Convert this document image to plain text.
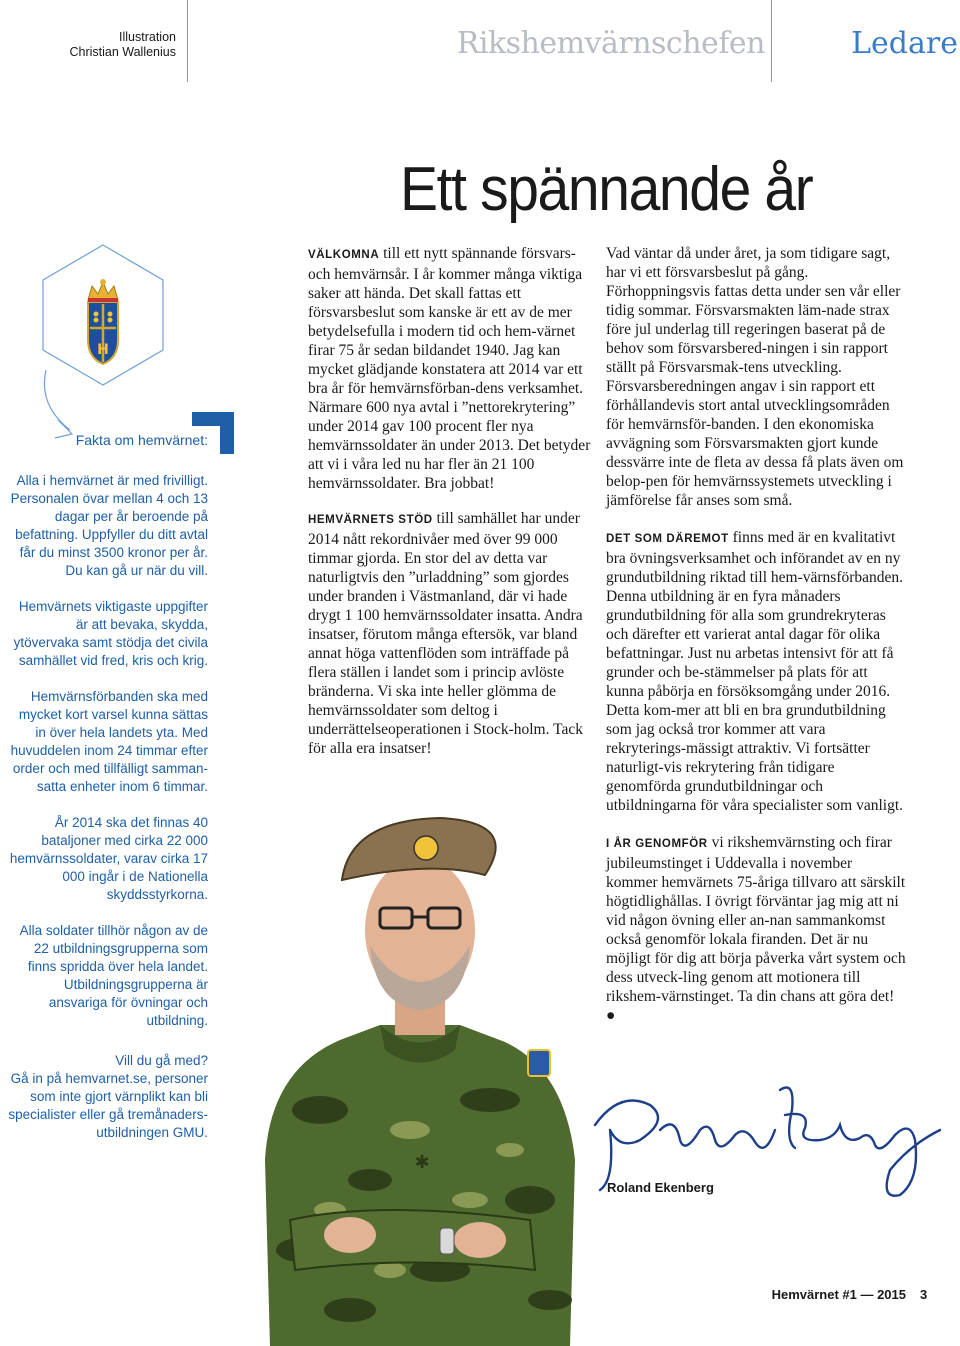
Illustration
Christian Wallenius	Rikshemvärnschefen	Ledare
Ett spännande år
H
Fakta om hemvärnet:

Alla i hemvärnet är med frivilligt. Personalen övar mellan 4 och 13 dagar per år beroende på befattning. Uppfyller du ditt avtal får du minst 3500 kronor per år. Du kan gå ur när du vill.

Hemvärnets viktigaste uppgifter är att bevaka, skydda, ytövervaka samt stödja det civila samhället vid fred, kris och krig.

Hemvärnsförbanden ska med mycket kort varsel kunna sättas in över hela landets yta. Med huvuddelen inom 24 timmar efter order och med tillfälligt samman-satta enheter inom 6 timmar.

År 2014 ska det finnas 40 bataljoner med cirka 22 000 hemvärnssoldater, varav cirka 17 000 ingår i de Nationella skyddsstyrkorna.

Alla soldater tillhör någon av de 22 utbildningsgrupperna som finns spridda över hela landet. Utbildningsgrupperna är ansvariga för övningar och utbildning.

Vill du gå med?
Gå in på hemvarnet.se, personer som inte gjort värnplikt kan bli specialister eller gå tremånaders-utbildningen GMU.

VÄLKOMNA till ett nytt spännande försvars- och hemvärnsår. I år kommer många viktiga saker att hända. Det skall fattas ett försvarsbeslut som kanske är ett av de mer betydelsefulla i modern tid och hem-värnet firar 75 år sedan bildandet 1940. Jag kan mycket glädjande konstatera att 2014 var ett bra år för hemvärnsförban-dens verksamhet. Närmare 600 nya avtal i ”nettorekrytering” under 2014 gav 100 procent fler nya hemvärnssoldater än under 2013. Det betyder att vi i våra led nu har fler än 21 100 hemvärnssoldater. Bra jobbat!

HEMVÄRNETS STÖD till samhället har under 2014 nått rekordnivåer med över 99 000 timmar gjorda. En stor del av detta var naturligtvis den ”urladdning” som gjordes under branden i Västmanland, där vi hade drygt 1 100 hemvärnssoldater insatta. Andra insatser, förutom många eftersök, var bland annat höga vattenflöden som inträffade på flera ställen i landet som i princip avlöste bränderna. Vi ska inte heller glömma de hemvärnssoldater som deltog i underrättelseoperationen i Stock-holm. Tack för alla era insatser!

Vad väntar då under året, ja som tidigare sagt, har vi ett försvarsbeslut på gång. Förhoppningsvis fattas detta under sen vår eller tidig sommar. Försvarsmakten läm-nade strax före jul underlag till regeringen baserat på de behov som försvarsbered-ningen i sin rapport ställt på Försvarsmak-tens utveckling. Försvarsberedningen angav i sin rapport ett förhållandevis stort antal utvecklingsområden för hemvärnsför-banden. I den ekonomiska avvägning som Försvarsmakten gjort kunde dessvärre inte de fleta av dessa få plats även om belop-pen för hemvärnssystemets utveckling i jämförelse får anses som små.

DET SOM DÄREMOT finns med är en kvalitativt bra övningsverksamhet och införandet av en ny grundutbildning riktad till hem-värnsförbanden. Denna utbildning är en fyra månaders grundutbildning för alla som grundrekryteras och därefter ett varierat antal dagar för olika befattningar. Just nu arbetas intensivt för att få grunder och be-stämmelser på plats för att kunna påbörja en försöksomgång under 2016. Detta kom-mer att bli en bra grundutbildning som jag också tror kommer att vara rekryterings-mässigt attraktiv. Vi fortsätter naturligt-vis rekrytering från tidigare genomförda grundutbildningar och utbildningarna för våra specialister som vanligt.

I ÅR GENOMFÖR vi rikshemvärnsting och firar jubileumstinget i Uddevalla i november kommer hemvärnets 75-åriga tillvaro att särskilt högtidlighållas. I övrigt förväntar jag mig att ni vid någon övning eller an-nan sammankomst också genomför lokala firanden. Det är nu möjligt för dig att börja påverka vårt system och dess utveck-ling genom att motionera till rikshem-värnstinget. Ta din chans att göra det! ●

✱
Roland Ekenberg
Hemvärnet #1 — 2015 3
